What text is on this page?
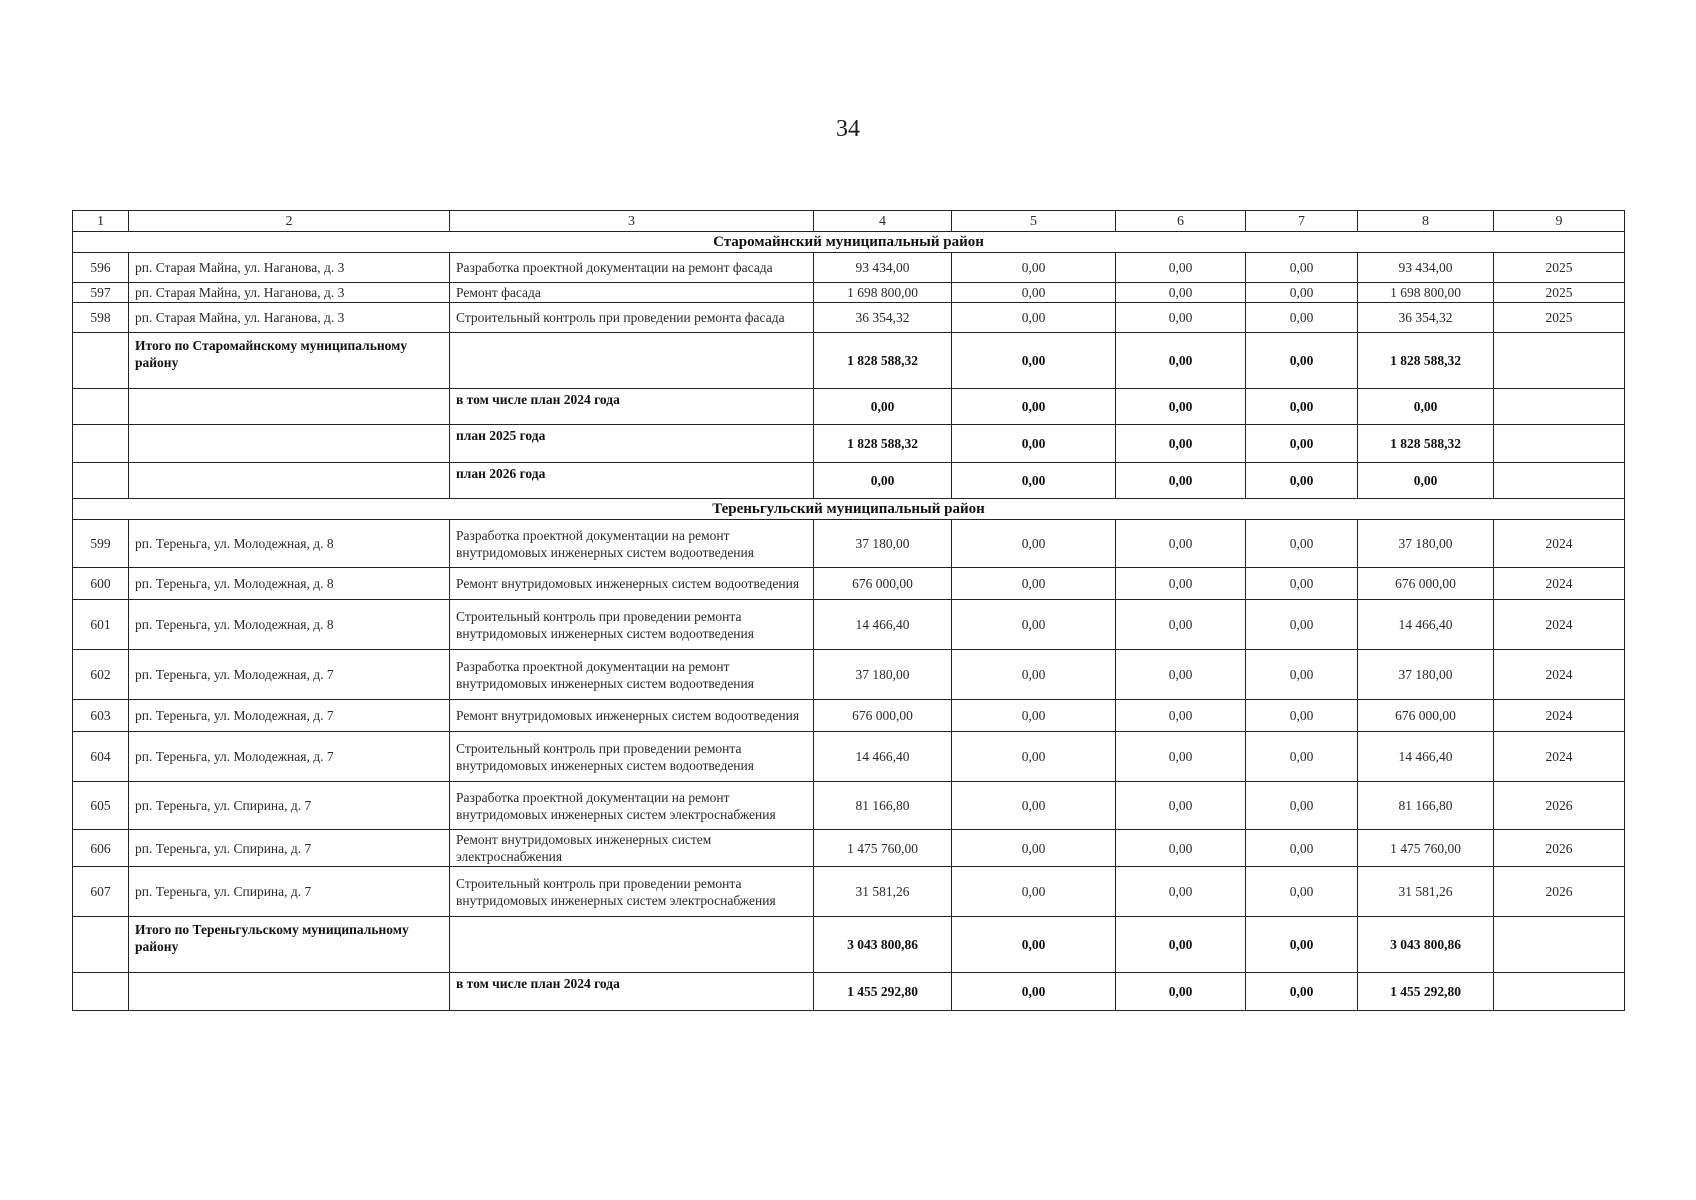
34
1	2	3	4	5	6	7	8	9
Старомайнский муниципальный район								
596	рп. Старая Майна, ул. Наганова, д. 3	Разработка проектной документации на ремонт фасада	93 434,00	0,00	0,00	0,00	93 434,00	2025
597	рп. Старая Майна, ул. Наганова, д. 3	Ремонт фасада	1 698 800,00	0,00	0,00	0,00	1 698 800,00	2025
598	рп. Старая Майна, ул. Наганова, д. 3	Строительный контроль при проведении ремонта фасада	36 354,32	0,00	0,00	0,00	36 354,32	2025
	Итого по Старомайнскому муниципальному району		1 828 588,32	0,00	0,00	0,00	1 828 588,32	
		в том числе план 2024 года	0,00	0,00	0,00	0,00	0,00	
		план 2025 года	1 828 588,32	0,00	0,00	0,00	1 828 588,32	
		план 2026 года	0,00	0,00	0,00	0,00	0,00	
Тереньгульский муниципальный район								
599	рп. Тереньга, ул. Молодежная, д. 8	Разработка проектной документации на ремонт внутридомовых инженерных систем водоотведения	37 180,00	0,00	0,00	0,00	37 180,00	2024
600	рп. Тереньга, ул. Молодежная, д. 8	Ремонт внутридомовых инженерных систем водоотведения	676 000,00	0,00	0,00	0,00	676 000,00	2024
601	рп. Тереньга, ул. Молодежная, д. 8	Строительный контроль при проведении ремонта внутридомовых инженерных систем водоотведения	14 466,40	0,00	0,00	0,00	14 466,40	2024
602	рп. Тереньга, ул. Молодежная, д. 7	Разработка проектной документации на ремонт внутридомовых инженерных систем водоотведения	37 180,00	0,00	0,00	0,00	37 180,00	2024
603	рп. Тереньга, ул. Молодежная, д. 7	Ремонт внутридомовых инженерных систем водоотведения	676 000,00	0,00	0,00	0,00	676 000,00	2024
604	рп. Тереньга, ул. Молодежная, д. 7	Строительный контроль при проведении ремонта внутридомовых инженерных систем водоотведения	14 466,40	0,00	0,00	0,00	14 466,40	2024
605	рп. Тереньга, ул. Спирина, д. 7	Разработка проектной документации на ремонт внутридомовых инженерных систем электроснабжения	81 166,80	0,00	0,00	0,00	81 166,80	2026
606	рп. Тереньга, ул. Спирина, д. 7	Ремонт внутридомовых инженерных систем электроснабжения	1 475 760,00	0,00	0,00	0,00	1 475 760,00	2026
607	рп. Тереньга, ул. Спирина, д. 7	Строительный контроль при проведении ремонта внутридомовых инженерных систем электроснабжения	31 581,26	0,00	0,00	0,00	31 581,26	2026
	Итого по Тереньгульскому муниципальному району		3 043 800,86	0,00	0,00	0,00	3 043 800,86	
		в том числе план 2024 года	1 455 292,80	0,00	0,00	0,00	1 455 292,80	
